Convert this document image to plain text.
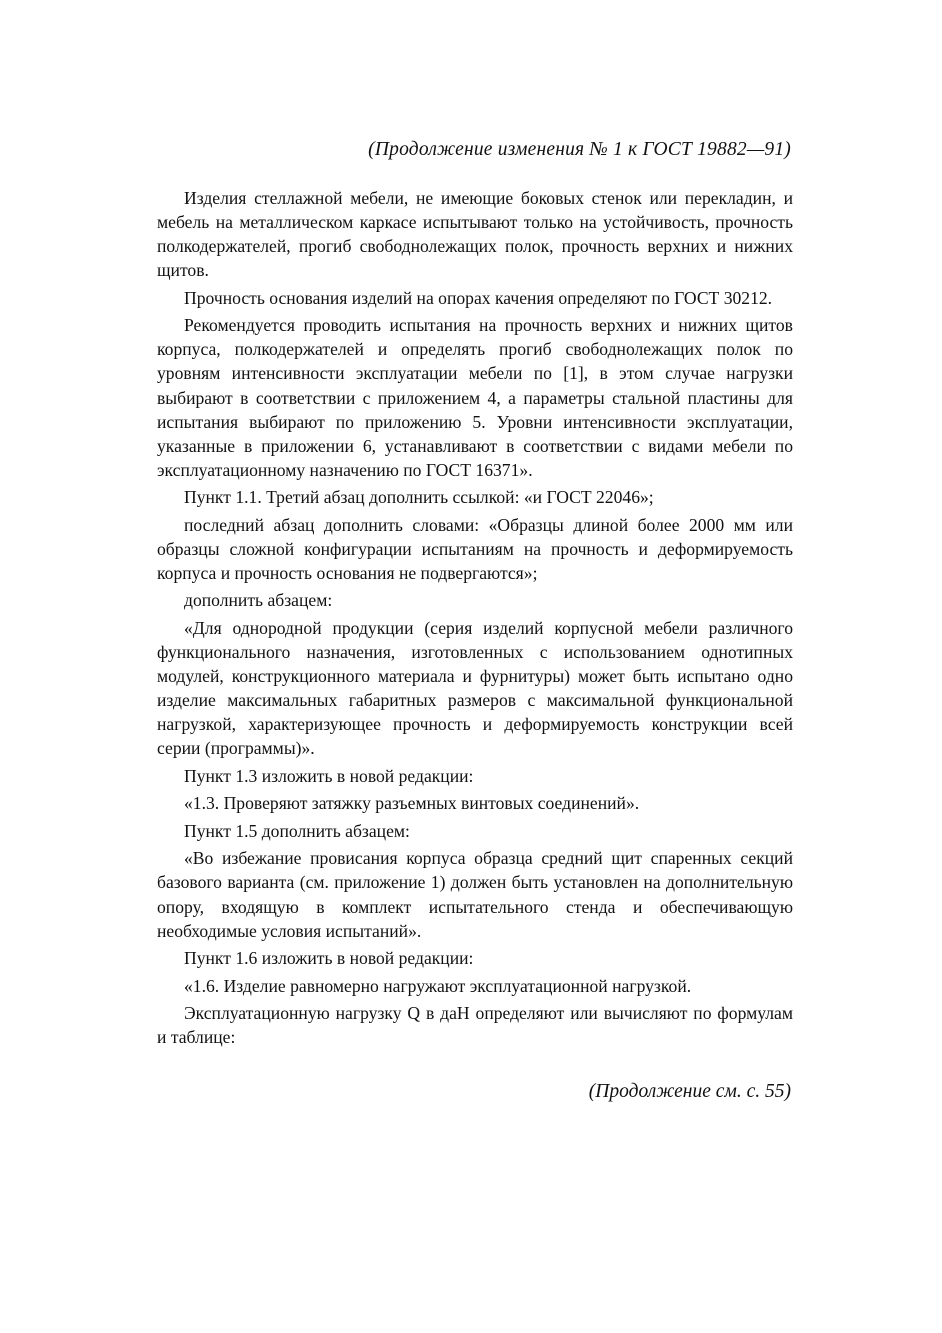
(Продолжение изменения № 1 к ГОСТ 19882—91)

Изделия стеллажной мебели, не имеющие боковых стенок или перекладин, и мебель на металлическом каркасе испытывают только на устойчивость, прочность полкодержателей, прогиб свободнолежащих полок, прочность верхних и нижних щитов.

Прочность основания изделий на опорах качения определяют по ГОСТ 30212.

Рекомендуется проводить испытания на прочность верхних и нижних щитов корпуса, полкодержателей и определять прогиб свободнолежащих полок по уровням интенсивности эксплуатации мебели по [1], в этом случае нагрузки выбирают в соответствии с приложением 4, а параметры стальной пластины для испытания выбирают по приложению 5. Уровни интенсивности эксплуатации, указанные в приложении 6, устанавливают в соответствии с видами мебели по эксплуатационному назначению по ГОСТ 16371».

Пункт 1.1. Третий абзац дополнить ссылкой: «и ГОСТ 22046»;

последний абзац дополнить словами: «Образцы длиной более 2000 мм или образцы сложной конфигурации испытаниям на прочность и деформируемость корпуса и прочность основания не подвергаются»;

дополнить абзацем:

«Для однородной продукции (серия изделий корпусной мебели различного функционального назначения, изготовленных с использованием однотипных модулей, конструкционного материала и фурнитуры) может быть испытано одно изделие максимальных габаритных размеров с максимальной функциональной нагрузкой, характеризующее прочность и деформируемость конструкции всей серии (программы)».

Пункт 1.3 изложить в новой редакции:

«1.3. Проверяют затяжку разъемных винтовых соединений».

Пункт 1.5 дополнить абзацем:

«Во избежание провисания корпуса образца средний щит спаренных секций базового варианта (см. приложение 1) должен быть установлен на дополнительную опору, входящую в комплект испытательного стенда и обеспечивающую необходимые условия испытаний».

Пункт 1.6 изложить в новой редакции:

«1.6. Изделие равномерно нагружают эксплуатационной нагрузкой.

Эксплуатационную нагрузку Q в даН определяют или вычисляют по формулам и таблице:

(Продолжение см. с. 55)
